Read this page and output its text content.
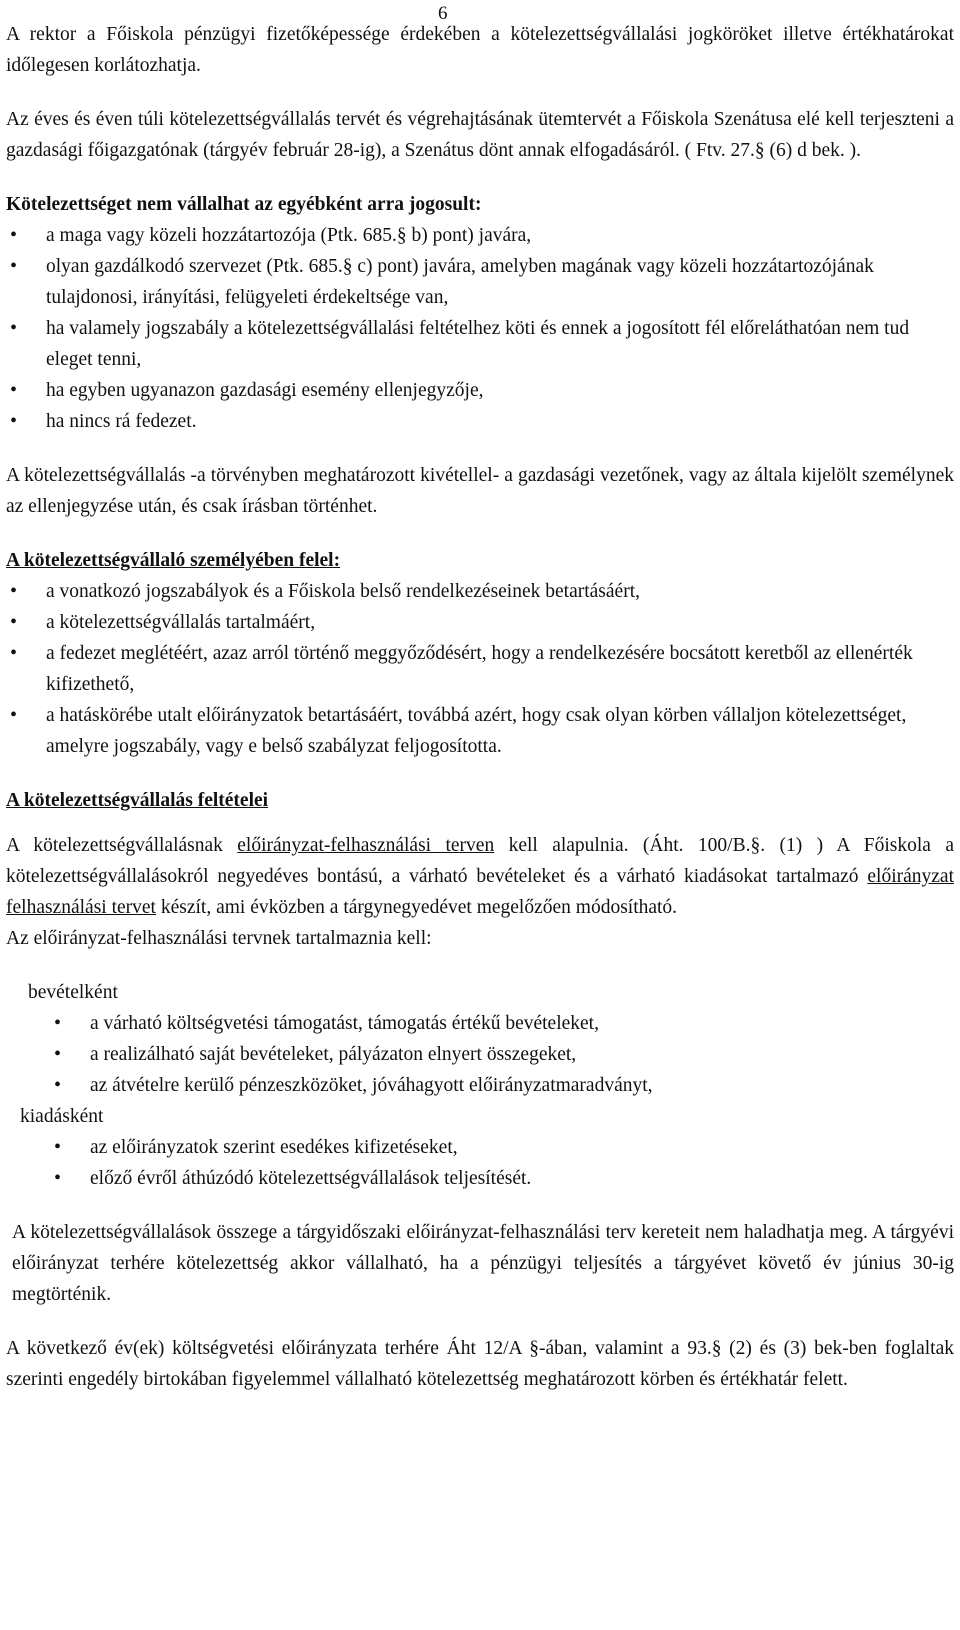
6

A rektor a Főiskola pénzügyi fizetőképessége érdekében a kötelezettségvállalási jogköröket illetve értékhatárokat időlegesen korlátozhatja.

Az éves és éven túli kötelezettségvállalás tervét és végrehajtásának ütemtervét a Főiskola Szenátusa elé kell terjeszteni a gazdasági főigazgatónak (tárgyév február 28-ig), a Szenátus dönt annak elfogadásáról. ( Ftv. 27.§ (6) d bek. ).

Kötelezettséget nem vállalhat az egyébként arra jogosult:

• a maga vagy közeli hozzátartozója (Ptk. 685.§ b) pont) javára,
• olyan gazdálkodó szervezet (Ptk. 685.§ c) pont) javára, amelyben magának vagy közeli hozzátartozójának tulajdonosi, irányítási, felügyeleti érdekeltsége van,
• ha valamely jogszabály a kötelezettségvállalási feltételhez köti és ennek a jogosított fél előreláthatóan nem tud eleget tenni,
• ha egyben ugyanazon gazdasági esemény ellenjegyzője,
• ha nincs rá fedezet.

A kötelezettségvállalás -a törvényben meghatározott kivétellel- a gazdasági vezetőnek, vagy az általa kijelölt személynek az ellenjegyzése után, és csak írásban történhet.

A kötelezettségvállaló személyében felel:

• a vonatkozó jogszabályok és a Főiskola belső rendelkezéseinek betartásáért,
• a kötelezettségvállalás tartalmáért,
• a fedezet meglétéért, azaz arról történő meggyőződésért, hogy a rendelkezésére bocsátott keretből az ellenérték kifizethető,
• a hatáskörébe utalt előirányzatok betartásáért, továbbá azért, hogy csak olyan körben vállaljon kötelezettséget, amelyre jogszabály, vagy e belső szabályzat feljogosította.

A kötelezettségvállalás feltételei

A kötelezettségvállalásnak előirányzat-felhasználási terven kell alapulnia. (Áht. 100/B.§. (1) ) A Főiskola a kötelezettségvállalásokról negyedéves bontású, a várható bevételeket és a várható kiadásokat tartalmazó előirányzat felhasználási tervet készít, ami évközben a tárgynegyedévet megelőzően módosítható.

Az előirányzat-felhasználási tervnek tartalmaznia kell:

bevételként

• a várható költségvetési támogatást, támogatás értékű bevételeket,
• a realizálható saját bevételeket, pályázaton elnyert összegeket,
• az átvételre kerülő pénzeszközöket, jóváhagyott előirányzatmaradványt,

kiadásként

• az előirányzatok szerint esedékes kifizetéseket,
• előző évről áthúzódó kötelezettségvállalások teljesítését.

A kötelezettségvállalások összege a tárgyidőszaki előirányzat-felhasználási terv kereteit nem haladhatja meg. A tárgyévi előirányzat terhére kötelezettség akkor vállalható, ha a pénzügyi teljesítés a tárgyévet követő év június 30-ig megtörténik.

A következő év(ek) költségvetési előirányzata terhére Áht 12/A §-ában, valamint a 93.§ (2) és (3) bek-ben foglaltak szerinti engedély birtokában figyelemmel vállalható kötelezettség meghatározott körben és értékhatár felett.
